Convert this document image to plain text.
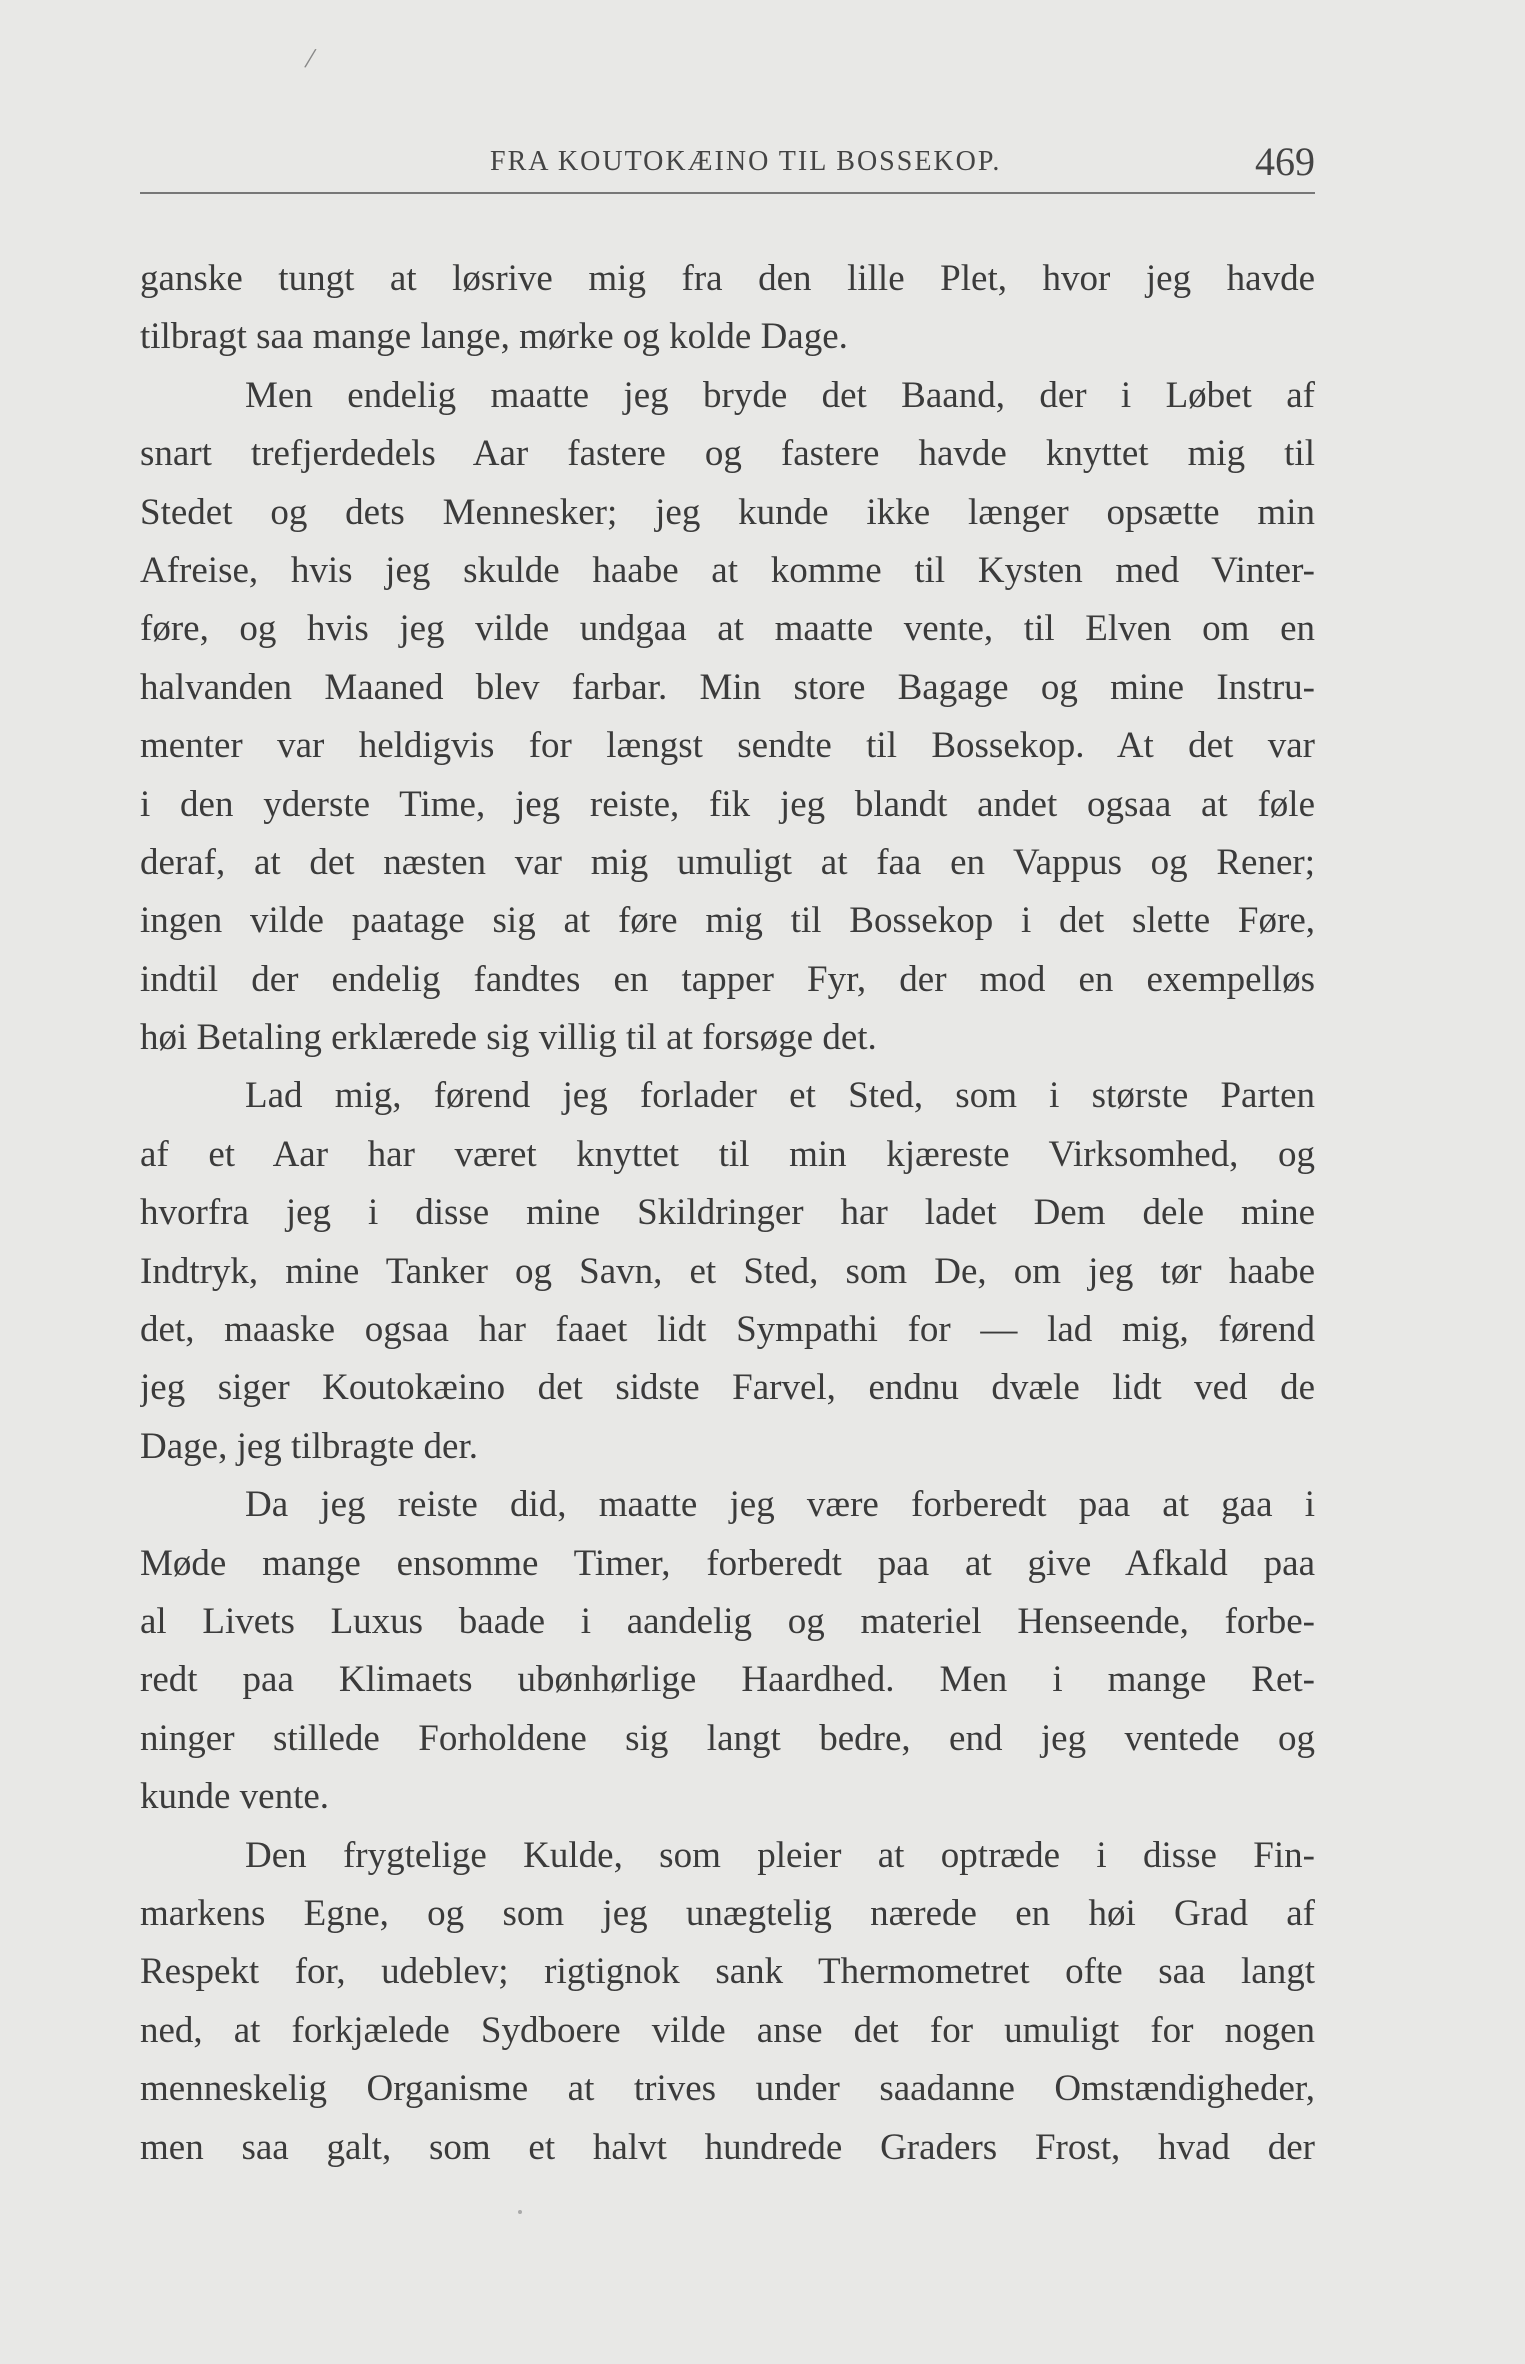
/
FRA KOUTOKÆINO TIL BOSSEKOP.	469
ganske tungt at løsrive mig fra den lille Plet, hvor jeg havde
tilbragt saa mange lange, mørke og kolde Dage.
Men endelig maatte jeg bryde det Baand, der i Løbet af
snart trefjerdedels Aar fastere og fastere havde knyttet mig til
Stedet og dets Mennesker; jeg kunde ikke længer opsætte min
Afreise, hvis jeg skulde haabe at komme til Kysten med Vinter-
føre, og hvis jeg vilde undgaa at maatte vente, til Elven om en
halvanden Maaned blev farbar. Min store Bagage og mine Instru-
menter var heldigvis for længst sendte til Bossekop. At det var
i den yderste Time, jeg reiste, fik jeg blandt andet ogsaa at føle
deraf, at det næsten var mig umuligt at faa en Vappus og Rener;
ingen vilde paatage sig at føre mig til Bossekop i det slette Føre,
indtil der endelig fandtes en tapper Fyr, der mod en exempelløs
høi Betaling erklærede sig villig til at forsøge det.
Lad mig, førend jeg forlader et Sted, som i største Parten
af et Aar har været knyttet til min kjæreste Virksomhed, og
hvorfra jeg i disse mine Skildringer har ladet Dem dele mine
Indtryk, mine Tanker og Savn, et Sted, som De, om jeg tør haabe
det, maaske ogsaa har faaet lidt Sympathi for — lad mig, førend
jeg siger Koutokæino det sidste Farvel, endnu dvæle lidt ved de
Dage, jeg tilbragte der.
Da jeg reiste did, maatte jeg være forberedt paa at gaa i
Møde mange ensomme Timer, forberedt paa at give Afkald paa
al Livets Luxus baade i aandelig og materiel Henseende, forbe-
redt paa Klimaets ubønhørlige Haardhed. Men i mange Ret-
ninger stillede Forholdene sig langt bedre, end jeg ventede og
kunde vente.
Den frygtelige Kulde, som pleier at optræde i disse Fin-
markens Egne, og som jeg unægtelig nærede en høi Grad af
Respekt for, udeblev; rigtignok sank Thermometret ofte saa langt
ned, at forkjælede Sydboere vilde anse det for umuligt for nogen
menneskelig Organisme at trives under saadanne Omstændigheder,
men saa galt, som et halvt hundrede Graders Frost, hvad der
